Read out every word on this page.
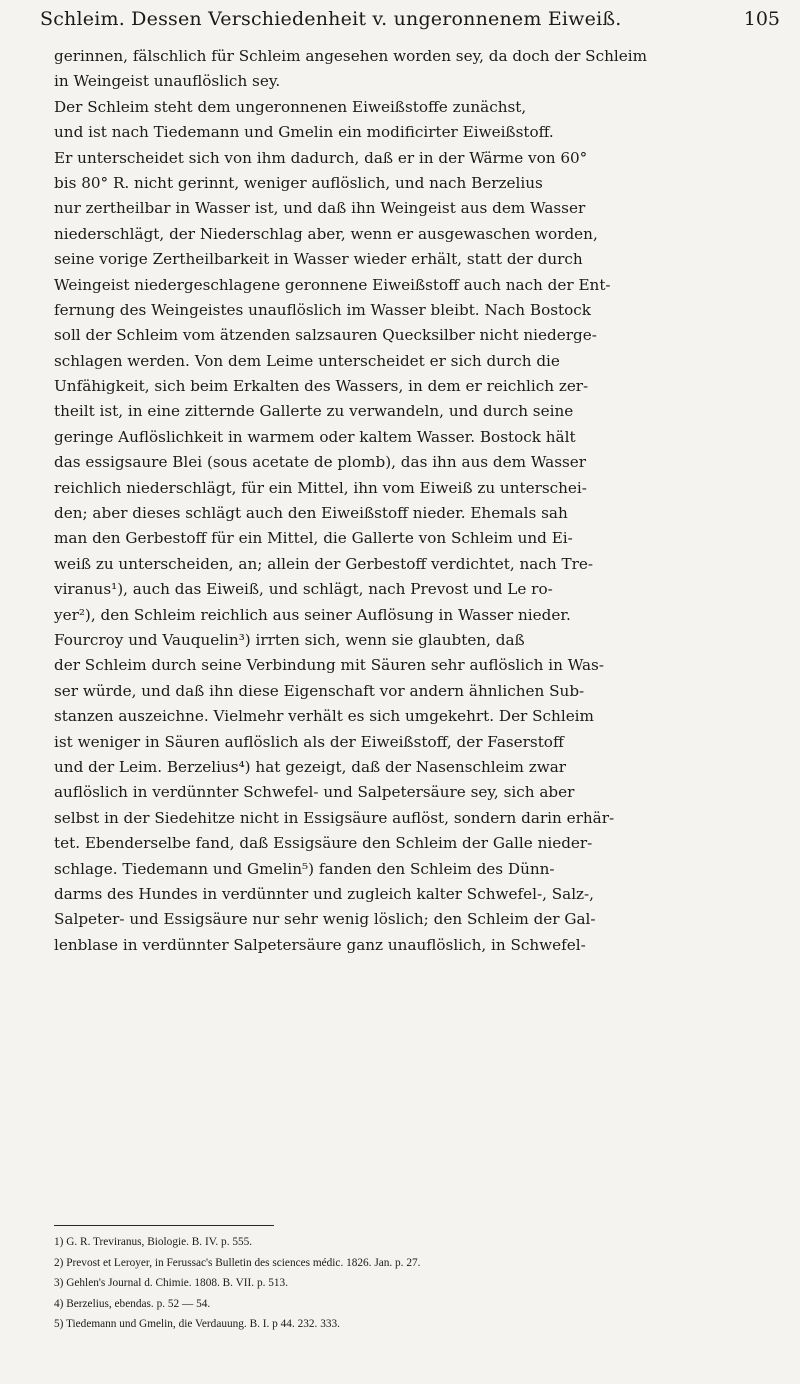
Schleim. Dessen Verschiedenheit v. ungeronnenem Eiweiß.	105
gerinnen, fälschlich für Schleim angesehen worden sey, da doch der Schleim
in Weingeist unauflöslich sey.
Der Schleim steht dem ungeronnenen Eiweißstoffe zunächst,
und ist nach Tiedemann und Gmelin ein modificirter Eiweißstoff.
Er unterscheidet sich von ihm dadurch, daß er in der Wärme von 60°
bis 80° R. nicht gerinnt, weniger auflöslich, und nach Berzelius
nur zertheilbar in Wasser ist, und daß ihn Weingeist aus dem Wasser
niederschlägt, der Niederschlag aber, wenn er ausgewaschen worden,
seine vorige Zertheilbarkeit in Wasser wieder erhält, statt der durch
Weingeist niedergeschlagene geronnene Eiweißstoff auch nach der Ent-
fernung des Weingeistes unauflöslich im Wasser bleibt. Nach Bostock
soll der Schleim vom ätzenden salzsauren Quecksilber nicht niederge-
schlagen werden. Von dem Leime unterscheidet er sich durch die
Unfähigkeit, sich beim Erkalten des Wassers, in dem er reichlich zer-
theilt ist, in eine zitternde Gallerte zu verwandeln, und durch seine
geringe Auflöslichkeit in warmem oder kaltem Wasser. Bostock hält
das essigsaure Blei (sous acetate de plomb), das ihn aus dem Wasser
reichlich niederschlägt, für ein Mittel, ihn vom Eiweiß zu unterschei-
den; aber dieses schlägt auch den Eiweißstoff nieder. Ehemals sah
man den Gerbestoff für ein Mittel, die Gallerte von Schleim und Ei-
weiß zu unterscheiden, an; allein der Gerbestoff verdichtet, nach Tre-
viranus¹), auch das Eiweiß, und schlägt, nach Prevost und Le ro-
yer²), den Schleim reichlich aus seiner Auflösung in Wasser nieder.
Fourcroy und Vauquelin³) irrten sich, wenn sie glaubten, daß
der Schleim durch seine Verbindung mit Säuren sehr auflöslich in Was-
ser würde, und daß ihn diese Eigenschaft vor andern ähnlichen Sub-
stanzen auszeichne. Vielmehr verhält es sich umgekehrt. Der Schleim
ist weniger in Säuren auflöslich als der Eiweißstoff, der Faserstoff
und der Leim. Berzelius⁴) hat gezeigt, daß der Nasenschleim zwar
auflöslich in verdünnter Schwefel- und Salpetersäure sey, sich aber
selbst in der Siedehitze nicht in Essigsäure auflöst, sondern darin erhär-
tet. Ebenderselbe fand, daß Essigsäure den Schleim der Galle nieder-
schlage. Tiedemann und Gmelin⁵) fanden den Schleim des Dünn-
darms des Hundes in verdünnter und zugleich kalter Schwefel-, Salz-,
Salpeter- und Essigsäure nur sehr wenig löslich; den Schleim der Gal-
lenblase in verdünnter Salpetersäure ganz unauflöslich, in Schwefel-
1) G. R. Treviranus, Biologie. B. IV. p. 555.
2) Prevost et Leroyer, in Ferussac's Bulletin des sciences médic. 1826. Jan. p. 27.
3) Gehlen's Journal d. Chimie. 1808. B. VII. p. 513.
4) Berzelius, ebendas. p. 52 — 54.
5) Tiedemann und Gmelin, die Verdauung. B. I. p 44. 232. 333.
